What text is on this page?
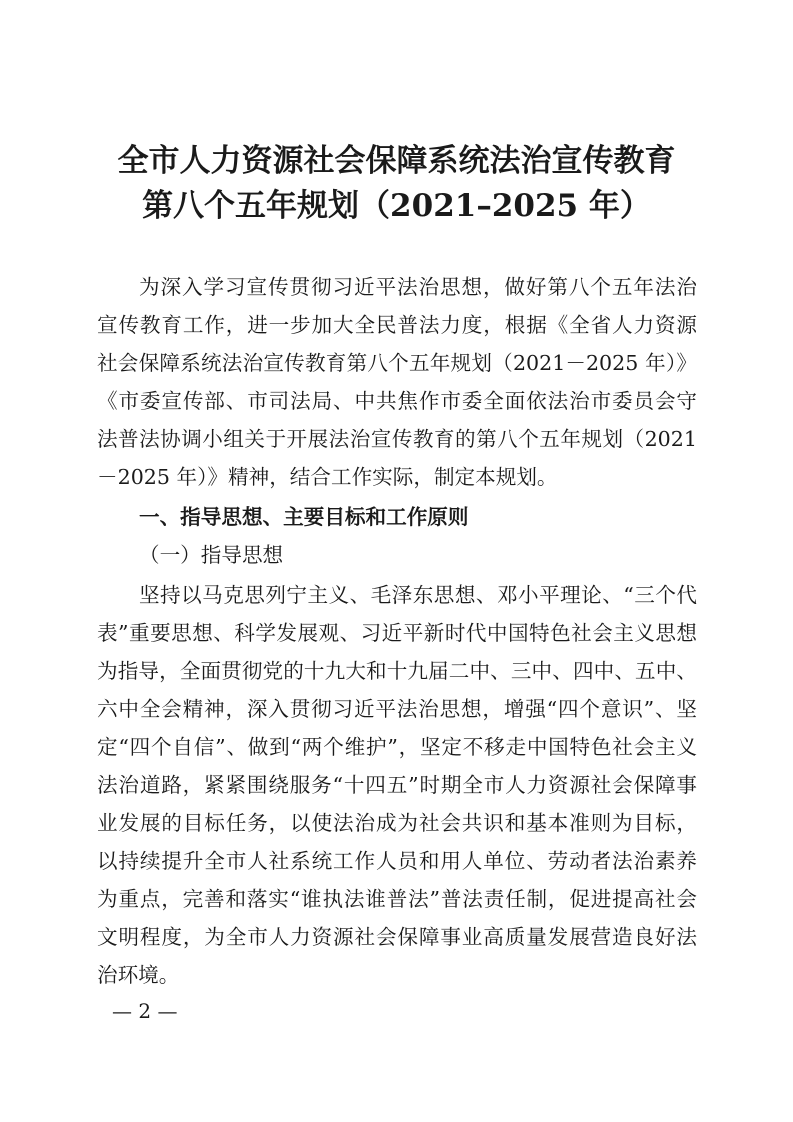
全市人力资源社会保障系统法治宣传教育
第八个五年规划（2021–2025 年）
为深入学习宣传贯彻习近平法治思想，做好第八个五年法治
宣传教育工作，进一步加大全民普法力度，根据《全省人力资源
社会保障系统法治宣传教育第八个五年规划（2021－2025 年）》
《市委宣传部、市司法局、中共焦作市委全面依法治市委员会守
法普法协调小组关于开展法治宣传教育的第八个五年规划（2021
－2025 年）》精神，结合工作实际，制定本规划。
一、指导思想、主要目标和工作原则
（一）指导思想
坚持以马克思列宁主义、毛泽东思想、邓小平理论、“三个代
表”重要思想、科学发展观、习近平新时代中国特色社会主义思想
为指导，全面贯彻党的十九大和十九届二中、三中、四中、五中、
六中全会精神，深入贯彻习近平法治思想，增强“四个意识”、坚
定“四个自信”、做到“两个维护”，坚定不移走中国特色社会主义
法治道路，紧紧围绕服务“十四五”时期全市人力资源社会保障事
业发展的目标任务，以使法治成为社会共识和基本准则为目标，
以持续提升全市人社系统工作人员和用人单位、劳动者法治素养
为重点，完善和落实“谁执法谁普法”普法责任制，促进提高社会
文明程度，为全市人力资源社会保障事业高质量发展营造良好法
治环境。
— 2 —
